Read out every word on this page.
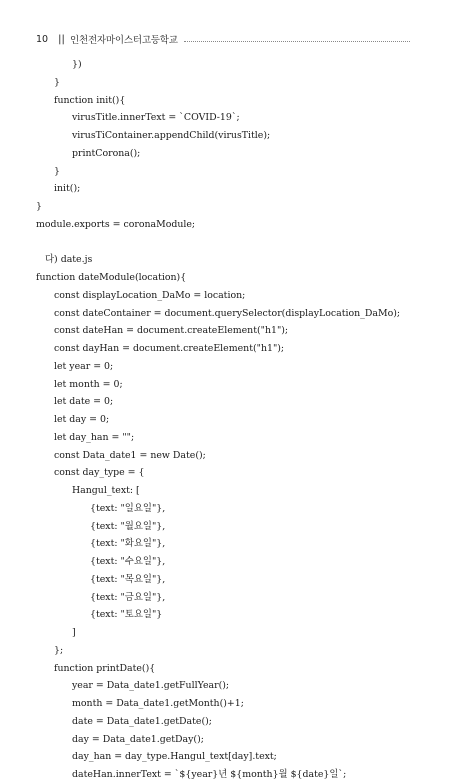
10	|| 인천전자마이스터고등학교
})
}
function init(){
virusTitle.innerText = `COVID-19`;
virusTiContainer.appendChild(virusTitle);
printCorona();
}
init();
}
module.exports = coronaModule;
다) date.js
function dateModule(location){
const displayLocation_DaMo = location;
const dateContainer = document.querySelector(displayLocation_DaMo);
const dateHan = document.createElement("h1");
const dayHan = document.createElement("h1");
let year = 0;
let month = 0;
let date = 0;
let day = 0;
let day_han = "";
const Data_date1 = new Date();
const day_type = {
Hangul_text: [
{text: "일요일"},
{text: "월요일"},
{text: "화요일"},
{text: "수요일"},
{text: "목요일"},
{text: "금요일"},
{text: "토요일"}
]
};
function printDate(){
year = Data_date1.getFullYear();
month = Data_date1.getMonth()+1;
date = Data_date1.getDate();
day = Data_date1.getDay();
day_han = day_type.Hangul_text[day].text;
dateHan.innerText = `${year}년 ${month}월 ${date}일`;
